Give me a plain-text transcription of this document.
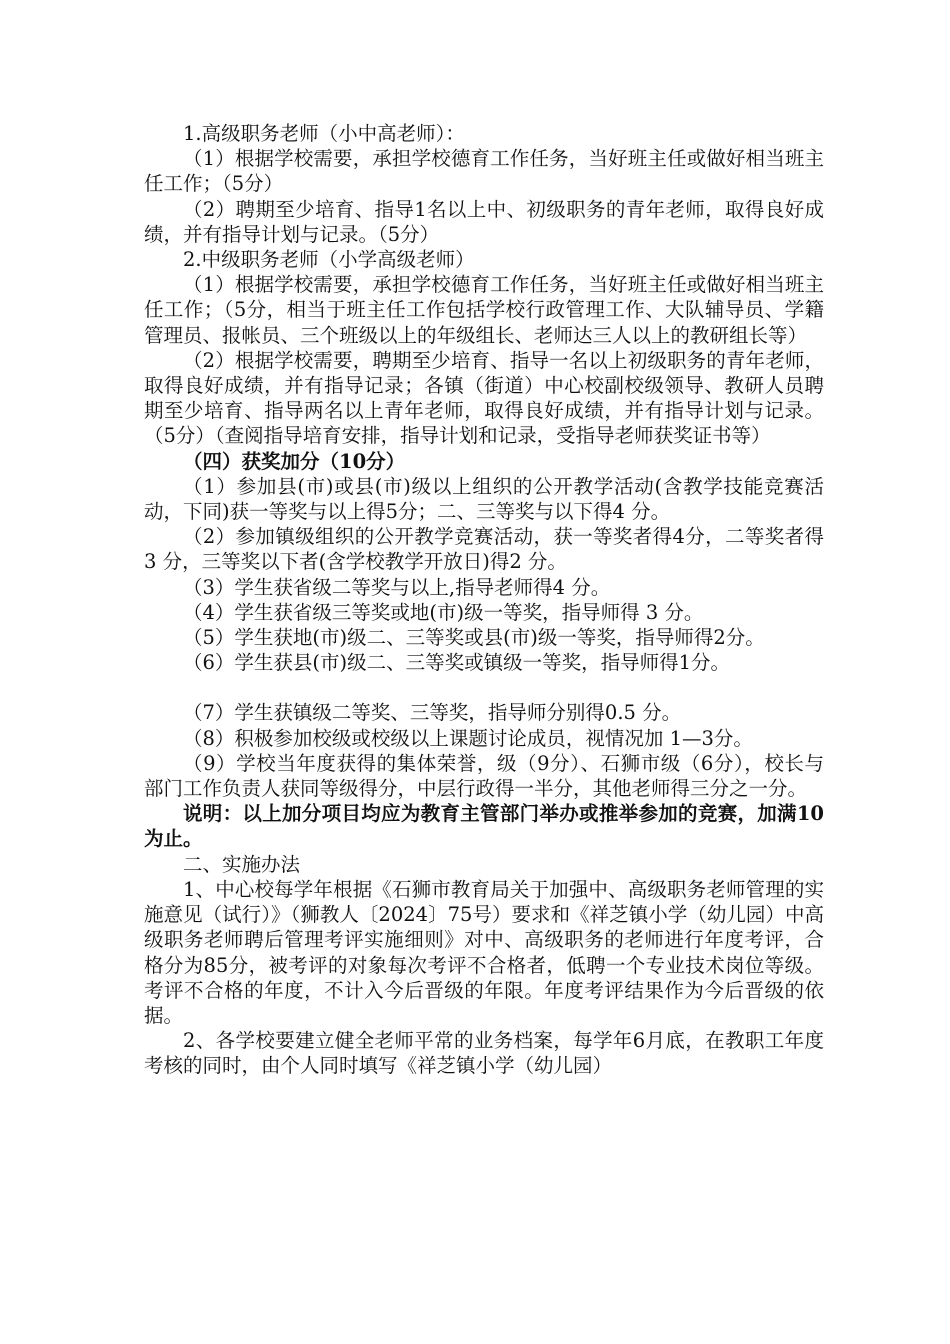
1.高级职务老师（小中高老师）：

（1）根据学校需要，承担学校德育工作任务，当好班主任或做好相当班主任工作；（5分）

（2）聘期至少培育、指导1名以上中、初级职务的青年老师，取得良好成绩，并有指导计划与记录。（5分）

2.中级职务老师（小学高级老师）

（1）根据学校需要，承担学校德育工作任务，当好班主任或做好相当班主任工作；（5分，相当于班主任工作包括学校行政管理工作、大队辅导员、学籍管理员、报帐员、三个班级以上的年级组长、老师达三人以上的教研组长等）

（2）根据学校需要，聘期至少培育、指导一名以上初级职务的青年老师，取得良好成绩，并有指导记录；各镇（街道）中心校副校级领导、教研人员聘期至少培育、指导两名以上青年老师，取得良好成绩，并有指导计划与记录。（5分）（查阅指导培育安排，指导计划和记录，受指导老师获奖证书等）

（四）获奖加分（10分）

（1）参加县(市)或县(市)级以上组织的公开教学活动(含教学技能竞赛活动，下同)获一等奖与以上得5分；二、三等奖与以下得4 分。

（2）参加镇级组织的公开教学竞赛活动，获一等奖者得4分，二等奖者得 3 分，三等奖以下者(含学校教学开放日)得2 分。

（3）学生获省级二等奖与以上,指导老师得4 分。

（4）学生获省级三等奖或地(市)级一等奖，指导师得 3 分。

（5）学生获地(市)级二、三等奖或县(市)级一等奖，指导师得2分。

（6）学生获县(市)级二、三等奖或镇级一等奖，指导师得1分。

（7）学生获镇级二等奖、三等奖，指导师分别得0.5 分。

（8）积极参加校级或校级以上课题讨论成员，视情况加 1—3分。

（9）学校当年度获得的集体荣誉，级（9分）、石狮市级（6分），校长与部门工作负责人获同等级得分，中层行政得一半分，其他老师得三分之一分。

说明：以上加分项目均应为教育主管部门举办或推举参加的竞赛，加满10为止。

二、实施办法

1、中心校每学年根据《石狮市教育局关于加强中、高级职务老师管理的实施意见（试行）》（狮教人〔2024〕75号）要求和《祥芝镇小学（幼儿园）中高级职务老师聘后管理考评实施细则》对中、高级职务的老师进行年度考评，合格分为85分，被考评的对象每次考评不合格者，低聘一个专业技术岗位等级。考评不合格的年度，不计入今后晋级的年限。年度考评结果作为今后晋级的依据。

2、各学校要建立健全老师平常的业务档案，每学年6月底，在教职工年度考核的同时，由个人同时填写《祥芝镇小学（幼儿园）
